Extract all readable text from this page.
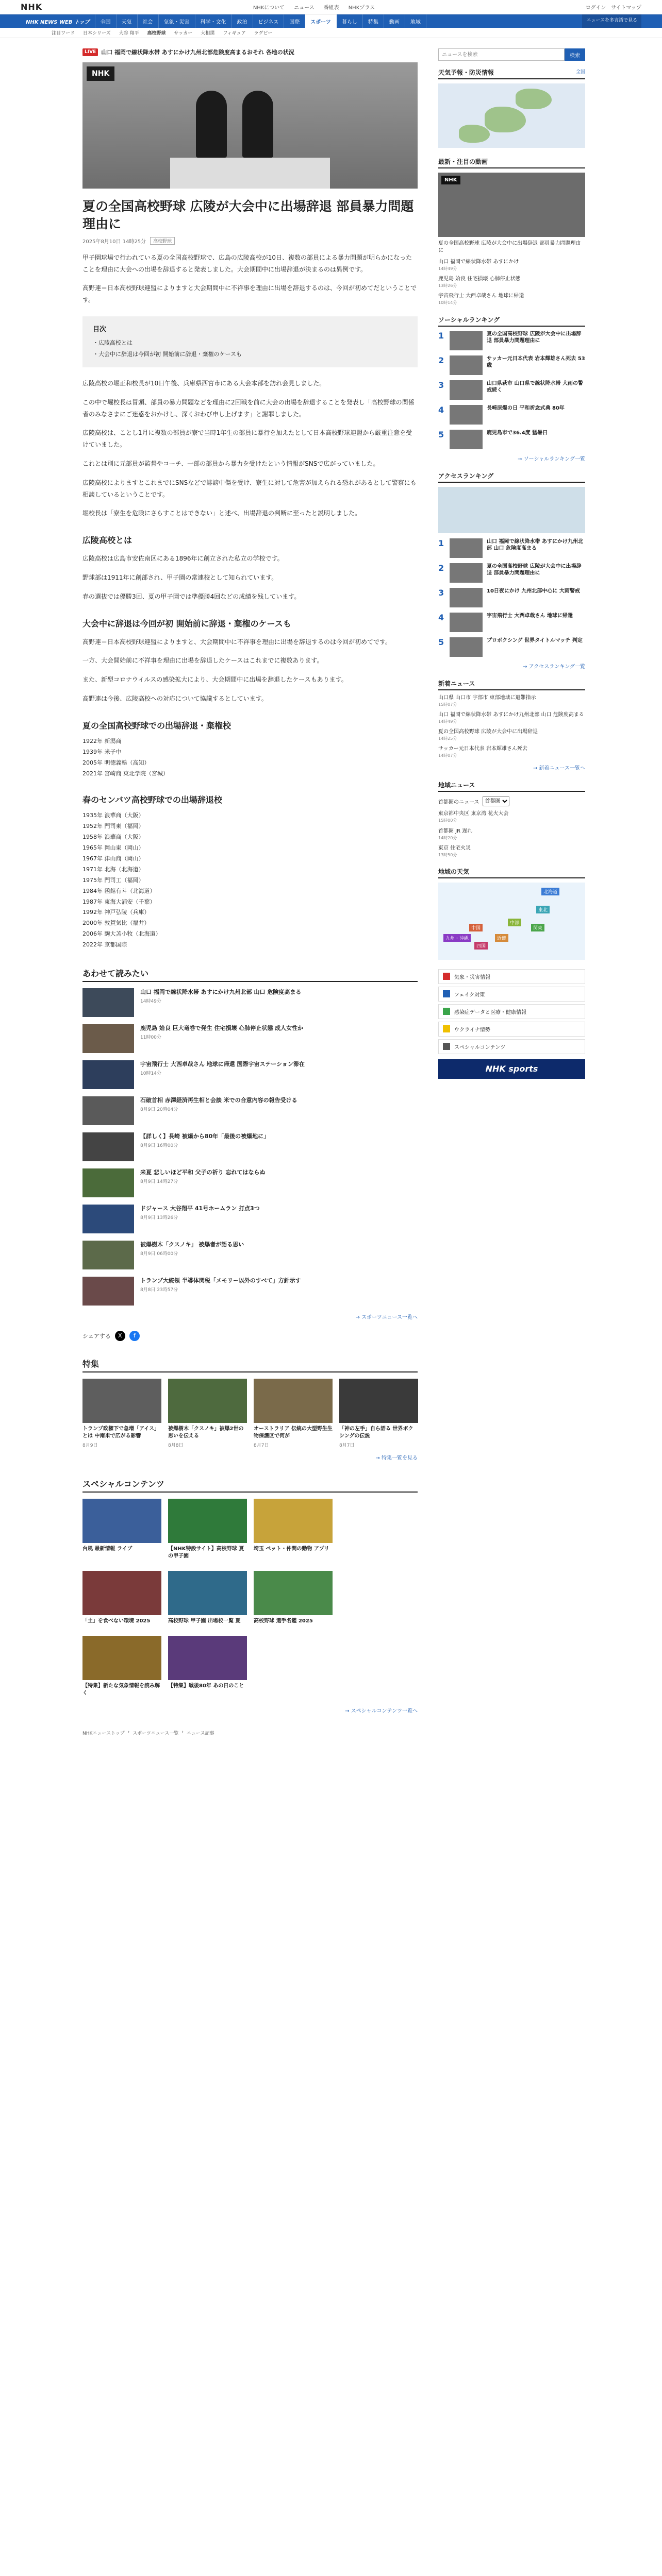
NHK	NHKについて ニュース 番組表 NHKプラス	ログイン サイトマップ
NHK NEWS WEB トップ	全国	天気	社会	気象・災害	科学・文化	政治	ビジネス	国際	スポーツ	暮らし	特集	動画	地域	ニュースを多言語で見る
注目ワード 日本シリーズ 大谷 翔平 高校野球 サッカー 大相撲 フィギュア ラグビー
LIVE 山口 福岡で線状降水帯 あすにかけ九州北部危険度高まるおそれ 各地の状況
NHK
夏の全国高校野球 広陵が大会中に出場辞退 部員暴力問題理由に
2025年8月10日 14時25分	高校野球

甲子園球場で行われている夏の全国高校野球で、広島の広陵高校が10日、複数の部員による暴力問題が明らかになったことを理由に大会への出場を辞退すると発表しました。大会期間中に出場辞退が決まるのは異例です。

高野連＝日本高校野球連盟によりますと大会期間中に不祥事を理由に出場を辞退するのは、今回が初めてだということです。

目次
・ 広陵高校とは
・ 大会中に辞退は今回が初 開始前に辞退・棄権のケースも

広陵高校の堀正和校長が10日午後、兵庫県西宮市にある大会本部を訪れ会見しました。

この中で堀校長は冒頭、部員の暴力問題などを理由に2回戦を前に大会の出場を辞退することを発表し「高校野球の関係者のみなさまにご迷惑をおかけし、深くおわび申し上げます」と謝罪しました。

広陵高校は、ことし1月に複数の部員が寮で当時1年生の部員に暴行を加えたとして日本高校野球連盟から厳重注意を受けていました。

これとは別に元部員が監督やコーチ、一部の部員から暴力を受けたという情報がSNSで広がっていました。

広陵高校によりますとこれまでにSNSなどで誹謗中傷を受け、寮生に対して危害が加えられる恐れがあるとして警察にも相談しているということです。

堀校長は「寮生を危険にさらすことはできない」と述べ、出場辞退の判断に至ったと説明しました。

広陵高校とは

広陵高校は広島市安佐南区にある1896年に創立された私立の学校です。

野球部は1911年に創部され、甲子園の常連校として知られています。

春の選抜では優勝3回、夏の甲子園では準優勝4回などの成績を残しています。

大会中に辞退は今回が初 開始前に辞退・棄権のケースも

高野連＝日本高校野球連盟によりますと、大会期間中に不祥事を理由に出場を辞退するのは今回が初めてです。

一方、大会開始前に不祥事を理由に出場を辞退したケースはこれまでに複数あります。

また、新型コロナウイルスの感染拡大により、大会期間中に出場を辞退したケースもあります。

高野連は今後、広陵高校への対応について協議するとしています。

夏の全国高校野球での出場辞退・棄権校
1922年 新潟商
1939年 米子中
2005年 明徳義塾（高知）
2021年 宮崎商 東北学院（宮城）
春のセンバツ高校野球での出場辞退校
1935年 浪華商（大阪）
1952年 門司東（福岡）
1958年 浪華商（大阪）
1965年 岡山東（岡山）
1967年 津山商（岡山）
1971年 北海（北海道）
1975年 門司工（福岡）
1984年 函館有斗（北海道）
1987年 東海大浦安（千葉）
1992年 神戸弘陵（兵庫）
2000年 敦賀気比（福井）
2006年 駒大苫小牧（北海道）
2022年 京都国際
あわせて読みたい
山口 福岡で線状降水帯 あすにかけ九州北部 山口 危険度高まる
14時49分
鹿児島 姶良 巨大竜巻で発生 住宅損壊 心肺停止状態 成人女性か
11時00分
宇宙飛行士 大西卓哉さん 地球に帰還 国際宇宙ステーション滞在
10時14分
石破首相 赤澤経済再生相と会談 米での合意内容の報告受ける
8月9日 20時04分
【詳しく】長崎 被爆から80年「最後の被爆地に」
8月9日 16時00分
来夏 悲しいほど平和 父子の祈り 忘れてはならぬ
8月9日 14時27分
ドジャース 大谷翔平 41号ホームラン 打点3つ
8月9日 13時26分
被爆樹木「クスノキ」 被爆者が語る思い
8月9日 06時00分
トランプ大統領 半導体関税「メモリー以外のすべて」方針示す
8月8日 23時57分
→ スポーツニュース一覧へ
シェアする	X	f
特集
トランプ政権下で急増「アイス」とは 中南米で広がる影響
8月9日
被爆樹木「クスノキ」被爆2世の思いを伝える
8月8日
オーストラリア 伝統の大型野生生物保護区で何が
8月7日
「神の左手」自ら語る 世界ボクシングの伝説
8月7日
→ 特集一覧を見る
スペシャルコンテンツ
台風 最新情報 ライブ	【NHK特設サイト】高校野球 夏の甲子園
埼玉 ペット・仲間の動物 アプリ
「土」を食べない環境 2025	高校野球 甲子園 出場校一覧 夏	高校野球 選手名鑑 2025
【特集】新たな気象情報を読み解く
【特集】戦後80年 あの日のこと
→ スペシャルコンテンツ一覧へ
NHKニューストップ › スポーツニュース一覧 › ニュース記事
ニュースを検索
検索
天気予報・防災情報	全国
最新・注目の動画
NHK
夏の全国高校野球 広陵が大会中に出場辞退 部員暴力問題理由に
山口 福岡で線状降水帯 あすにかけ
14時49分
鹿児島 姶良 住宅損壊 心肺停止状態
13時26分
宇宙飛行士 大西卓哉さん 地球に帰還
10時14分
ソーシャルランキング
1	夏の全国高校野球 広陵が大会中に出場辞退 部員暴力問題理由に
2	サッカー元日本代表 岩本輝雄さん死去 53歳
3	山口県萩市 山口県で線状降水帯 大雨の警戒続く
4	長崎原爆の日 平和祈念式典 80年
5	鹿児島市で36.4度 猛暑日
→ ソーシャルランキング一覧
アクセスランキング
1	山口 福岡で線状降水帯 あすにかけ九州北部 山口 危険度高まる
2	夏の全国高校野球 広陵が大会中に出場辞退 部員暴力問題理由に
3	10日夜にかけ 九州北部中心に 大雨警戒
4	宇宙飛行士 大西卓哉さん 地球に帰還
5	プロボクシング 世界タイトルマッチ 判定
→ アクセスランキング一覧
新着ニュース
山口県 山口市 宇部市 東部地域に避難指示
15時07分
山口 福岡で線状降水帯 あすにかけ九州北部 山口 危険度高まる
14時49分
夏の全国高校野球 広陵が大会中に出場辞退
14時25分
サッカー元日本代表 岩本輝雄さん死去
14時07分
→ 新着ニュース一覧へ
地域ニュース
首都圏のニュース
首都圏
東京都中央区 東京湾 花火大会
15時00分
首都圏 JR 遅れ
14時20分
東京 住宅火災
13時50分
地域の天気
北海道
東北
関東
中部
近畿
中国
四国
九州・沖縄
気象・災害情報
フェイク対策
感染症データと医療・健康情報
ウクライナ情勢
スペシャルコンテンツ
NHK sports
